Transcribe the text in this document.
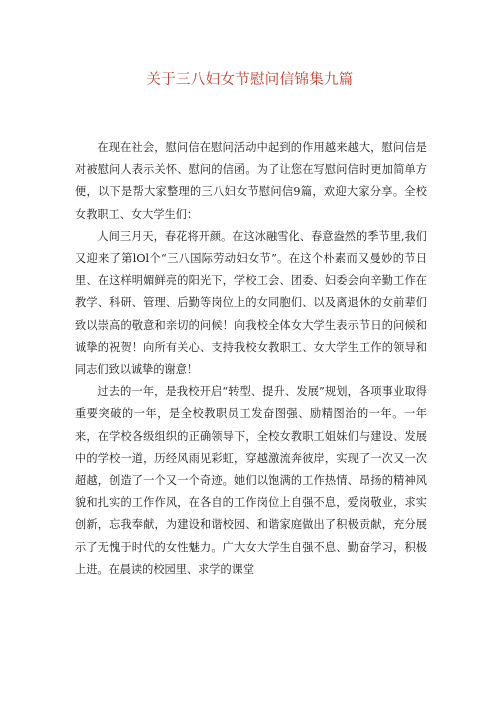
关于三八妇女节慰问信锦集九篇

在现在社会，慰问信在慰问活动中起到的作用越来越大，慰问信是对被慰问人表示关怀、慰问的信函。为了让您在写慰问信时更加简单方便，以下是帮大家整理的三八妇女节慰问信9篇，欢迎大家分享。全校女教职工、女大学生们：

人间三月天，春花将开颜。在这冰融雪化、春意盎然的季节里,我们又迎来了第lOl个“三八国际劳动妇女节”。在这个朴素而又曼妙的节日里、在这样明媚鲜亮的阳光下，学校工会、团委、妇委会向辛勤工作在教学、科研、管理、后勤等岗位上的女同胞们、以及离退休的女前辈们致以崇高的敬意和亲切的问候！向我校全体女大学生表示节日的问候和诚挚的祝贺！向所有关心、支持我校女教职工、女大学生工作的领导和同志们致以诚挚的谢意！

过去的一年，是我校开启“转型、提升、发展”规划，各项事业取得重要突破的一年，是全校教职员工发奋图强、励精图治的一年。一年来，在学校各级组织的正确领导下，全校女教职工姐妹们与建设、发展中的学校一道，历经风雨见彩虹，穿越激流奔彼岸，实现了一次又一次超越，创造了一个又一个奇迹。她们以饱满的工作热情、昂扬的精神风貌和扎实的工作作风，在各自的工作岗位上自强不息，爱岗敬业，求实创新，忘我奉献，为建设和谐校园、和谐家庭做出了积极贡献，充分展示了无愧于时代的女性魅力。广大女大学生自强不息、勤奋学习，积极上进。在晨读的校园里、求学的课堂
